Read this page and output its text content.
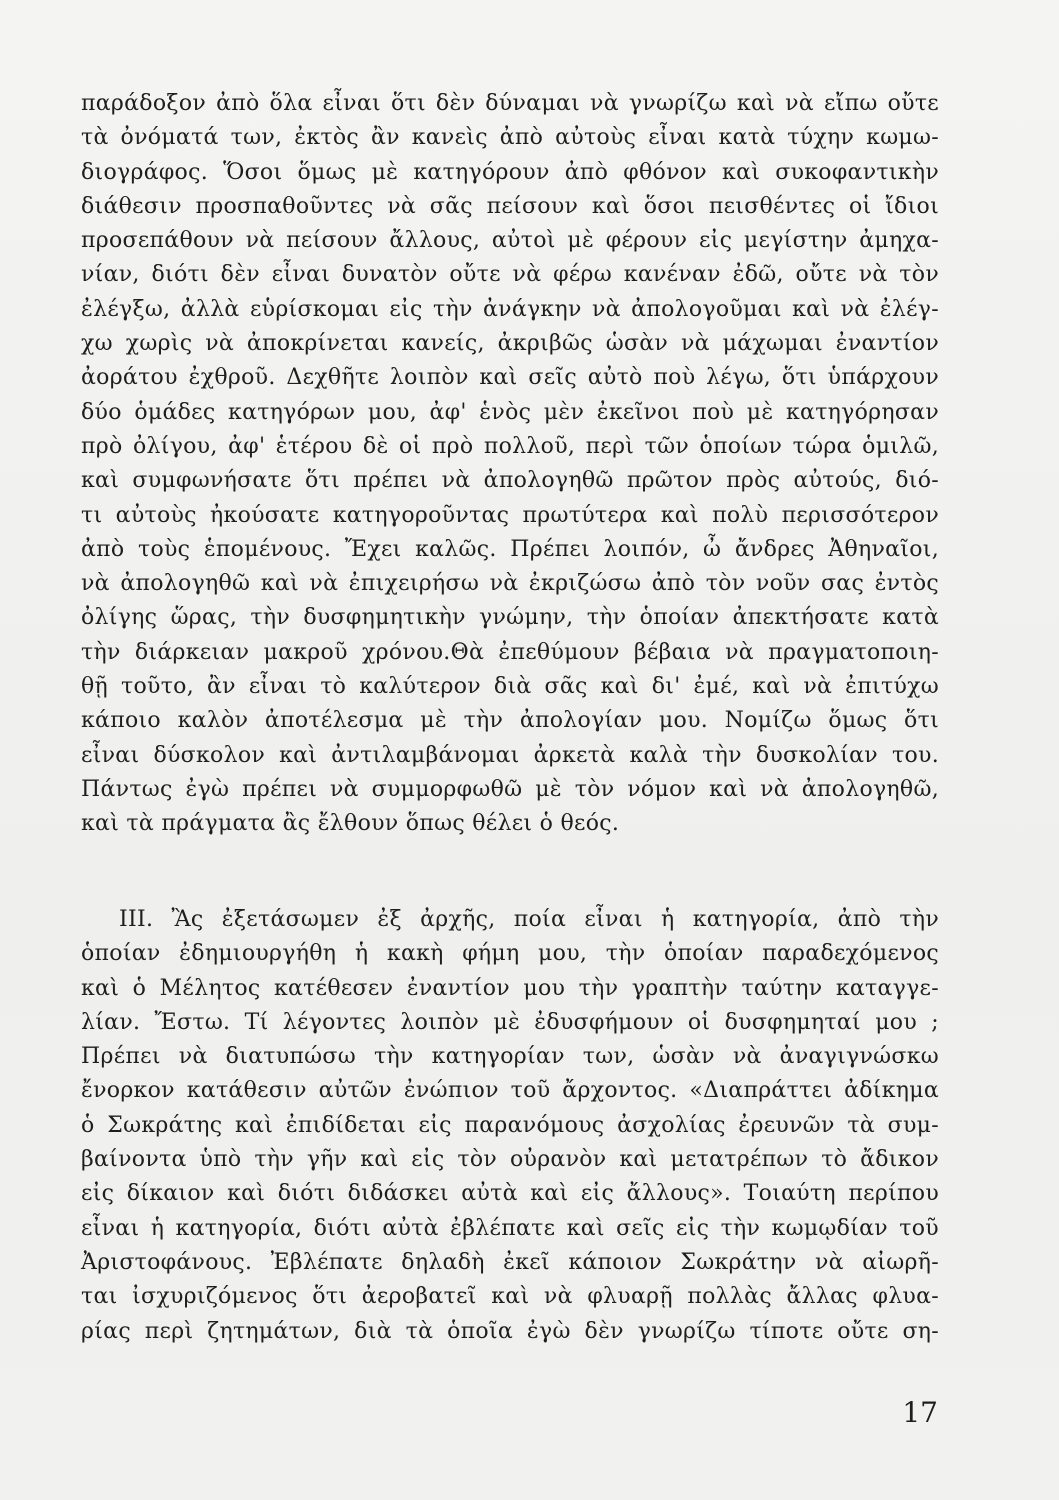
παράδοξον ἀπὸ ὅλα εἶναι ὅτι δὲν δύναμαι νὰ γνωρίζω καὶ νὰ εἴπω οὔτε
τὰ ὀνόματά των, ἐκτὸς ἂν κανεὶς ἀπὸ αὐτοὺς εἶναι κατὰ τύχην κωμω-
διογράφος. Ὅσοι ὅμως μὲ κατηγόρουν ἀπὸ φθόνον καὶ συκοφαντικὴν
διάθεσιν προσπαθοῦντες νὰ σᾶς πείσουν καὶ ὅσοι πεισθέντες οἱ ἴδιοι
προσεπάθουν νὰ πείσουν ἄλλους, αὐτοὶ μὲ φέρουν εἰς μεγίστην ἀμηχα-
νίαν, διότι δὲν εἶναι δυνατὸν οὔτε νὰ φέρω κανέναν ἐδῶ, οὔτε νὰ τὸν
ἐλέγξω, ἀλλὰ εὑρίσκομαι εἰς τὴν ἀνάγκην νὰ ἀπολογοῦμαι καὶ νὰ ἐλέγ-
χω χωρὶς νὰ ἀποκρίνεται κανείς, ἀκριβῶς ὡσὰν νὰ μάχωμαι ἐναντίον
ἀοράτου ἐχθροῦ. Δεχθῆτε λοιπὸν καὶ σεῖς αὐτὸ ποὺ λέγω, ὅτι ὑπάρχουν
δύο ὁμάδες κατηγόρων μου, ἀφ' ἑνὸς μὲν ἐκεῖνοι ποὺ μὲ κατηγόρησαν
πρὸ ὀλίγου, ἀφ' ἑτέρου δὲ οἱ πρὸ πολλοῦ, περὶ τῶν ὁποίων τώρα ὁμιλῶ,
καὶ συμφωνήσατε ὅτι πρέπει νὰ ἀπολογηθῶ πρῶτον πρὸς αὐτούς, διό-
τι αὐτοὺς ἠκούσατε κατηγοροῦντας πρωτύτερα καὶ πολὺ περισσότερον
ἀπὸ τοὺς ἑπομένους. Ἔχει καλῶς. Πρέπει λοιπόν, ὦ ἄνδρες Ἀθηναῖοι,
νὰ ἀπολογηθῶ καὶ νὰ ἐπιχειρήσω νὰ ἐκριζώσω ἀπὸ τὸν νοῦν σας ἐντὸς
ὀλίγης ὥρας, τὴν δυσφημητικὴν γνώμην, τὴν ὁποίαν ἀπεκτήσατε κατὰ
τὴν διάρκειαν μακροῦ χρόνου.Θὰ ἐπεθύμουν βέβαια νὰ πραγματοποιη-
θῇ τοῦτο, ἂν εἶναι τὸ καλύτερον διὰ σᾶς καὶ δι' ἐμέ, καὶ νὰ ἐπιτύχω
κάποιο καλὸν ἀποτέλεσμα μὲ τὴν ἀπολογίαν μου. Νομίζω ὅμως ὅτι
εἶναι δύσκολον καὶ ἀντιλαμβάνομαι ἀρκετὰ καλὰ τὴν δυσκολίαν του.
Πάντως ἐγὼ πρέπει νὰ συμμορφωθῶ μὲ τὸν νόμον καὶ νὰ ἀπολογηθῶ,
καὶ τὰ πράγματα ἂς ἔλθουν ὅπως θέλει ὁ θεός.
III. Ἂς ἐξετάσωμεν ἐξ ἀρχῆς, ποία εἶναι ἡ κατηγορία, ἀπὸ τὴν
ὁποίαν ἐδημιουργήθη ἡ κακὴ φήμη μου, τὴν ὁποίαν παραδεχόμενος
καὶ ὁ Μέλητος κατέθεσεν ἐναντίον μου τὴν γραπτὴν ταύτην καταγγε-
λίαν. Ἔστω. Τί λέγοντες λοιπὸν μὲ ἐδυσφήμουν οἱ δυσφημηταί μου ;
Πρέπει νὰ διατυπώσω τὴν κατηγορίαν των, ὡσὰν νὰ ἀναγιγνώσκω
ἔνορκον κατάθεσιν αὐτῶν ἐνώπιον τοῦ ἄρχοντος. «Διαπράττει ἀδίκημα
ὁ Σωκράτης καὶ ἐπιδίδεται εἰς παρανόμους ἀσχολίας ἐρευνῶν τὰ συμ-
βαίνοντα ὑπὸ τὴν γῆν καὶ εἰς τὸν οὐρανὸν καὶ μετατρέπων τὸ ἄδικον
εἰς δίκαιον καὶ διότι διδάσκει αὐτὰ καὶ εἰς ἄλλους». Τοιαύτη περίπου
εἶναι ἡ κατηγορία, διότι αὐτὰ ἐβλέπατε καὶ σεῖς εἰς τὴν κωμῳδίαν τοῦ
Ἀριστοφάνους. Ἐβλέπατε δηλαδὴ ἐκεῖ κάποιον Σωκράτην νὰ αἰωρῆ-
ται ἰσχυριζόμενος ὅτι ἀεροβατεῖ καὶ νὰ φλυαρῇ πολλὰς ἄλλας φλυα-
ρίας περὶ ζητημάτων, διὰ τὰ ὁποῖα ἐγὼ δὲν γνωρίζω τίποτε οὔτε ση-
17
